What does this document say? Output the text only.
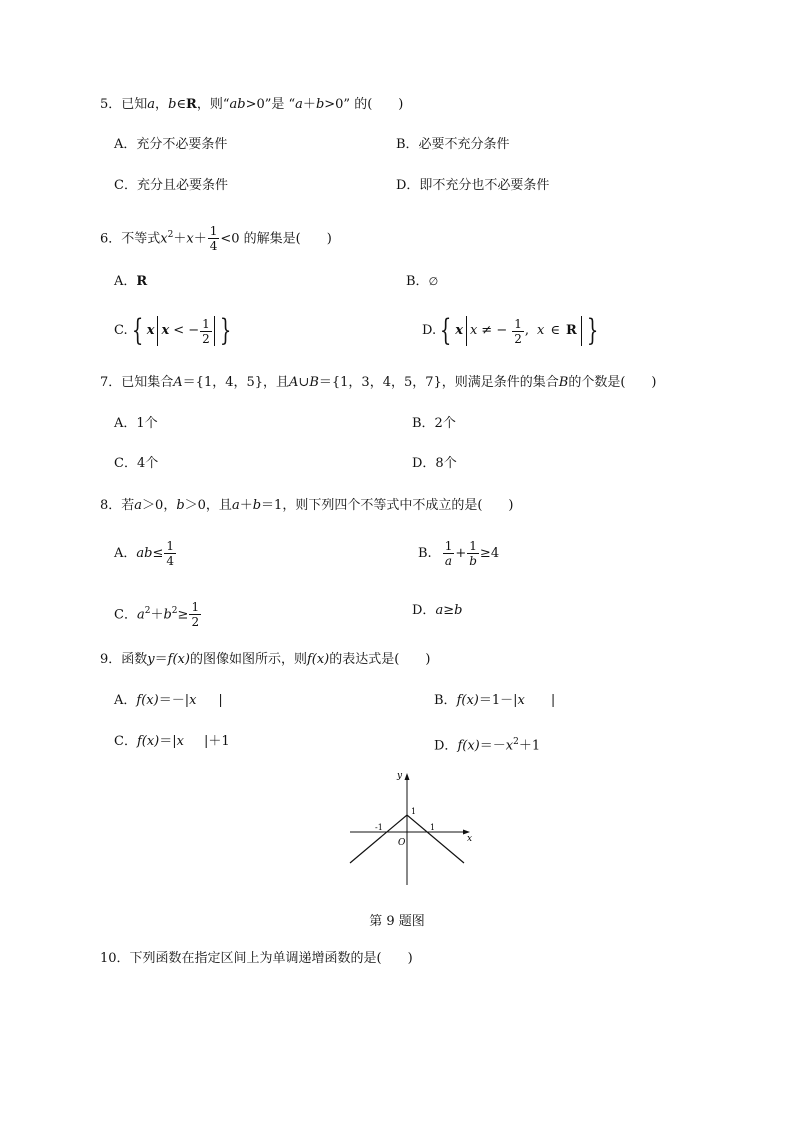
5．已知a，b∈R，则“ab>0”是 “a＋b>0” 的(　　)
A．充分不必要条件	B．必要不充分条件
C．充分且必要条件	D．即不充分也不必要条件
6．不等式$x^2+x+ \frac{1}{4} <0$ 的解集是(　　)
A．R	B．∅
C. { x x < − $\frac{1}{2}$ }	D. { x x ≠ − $\frac{1}{2}$ , x ∈ R }
7．已知集合A＝{1，4，5}，且A∪B＝{1，3，4，5，7}，则满足条件的集合B的个数是(　　)
A．1个	B．2个
C．4个	D．8个
8．若a＞0，b＞0，且a＋b＝1，则下列四个不等式中不成立的是(　　)
A．$ab\le \frac{1}{4}$	B. $\frac{1}{a} + \frac{1}{b} \ge 4$
C．$a^2+b^2\ge \frac{1}{2}$	D．a≥b
9．函数y＝f(x)的图像如图所示，则f(x)的表达式是(　　)
A．f(x)＝－|x |	B．f(x)＝1－|x |
C．f(x)＝|x |＋1	D．$f(x)=-x^2+1$
y
x
O
1
-1	1
第 9 题图
10．下列函数在指定区间上为单调递增函数的是(　　)
